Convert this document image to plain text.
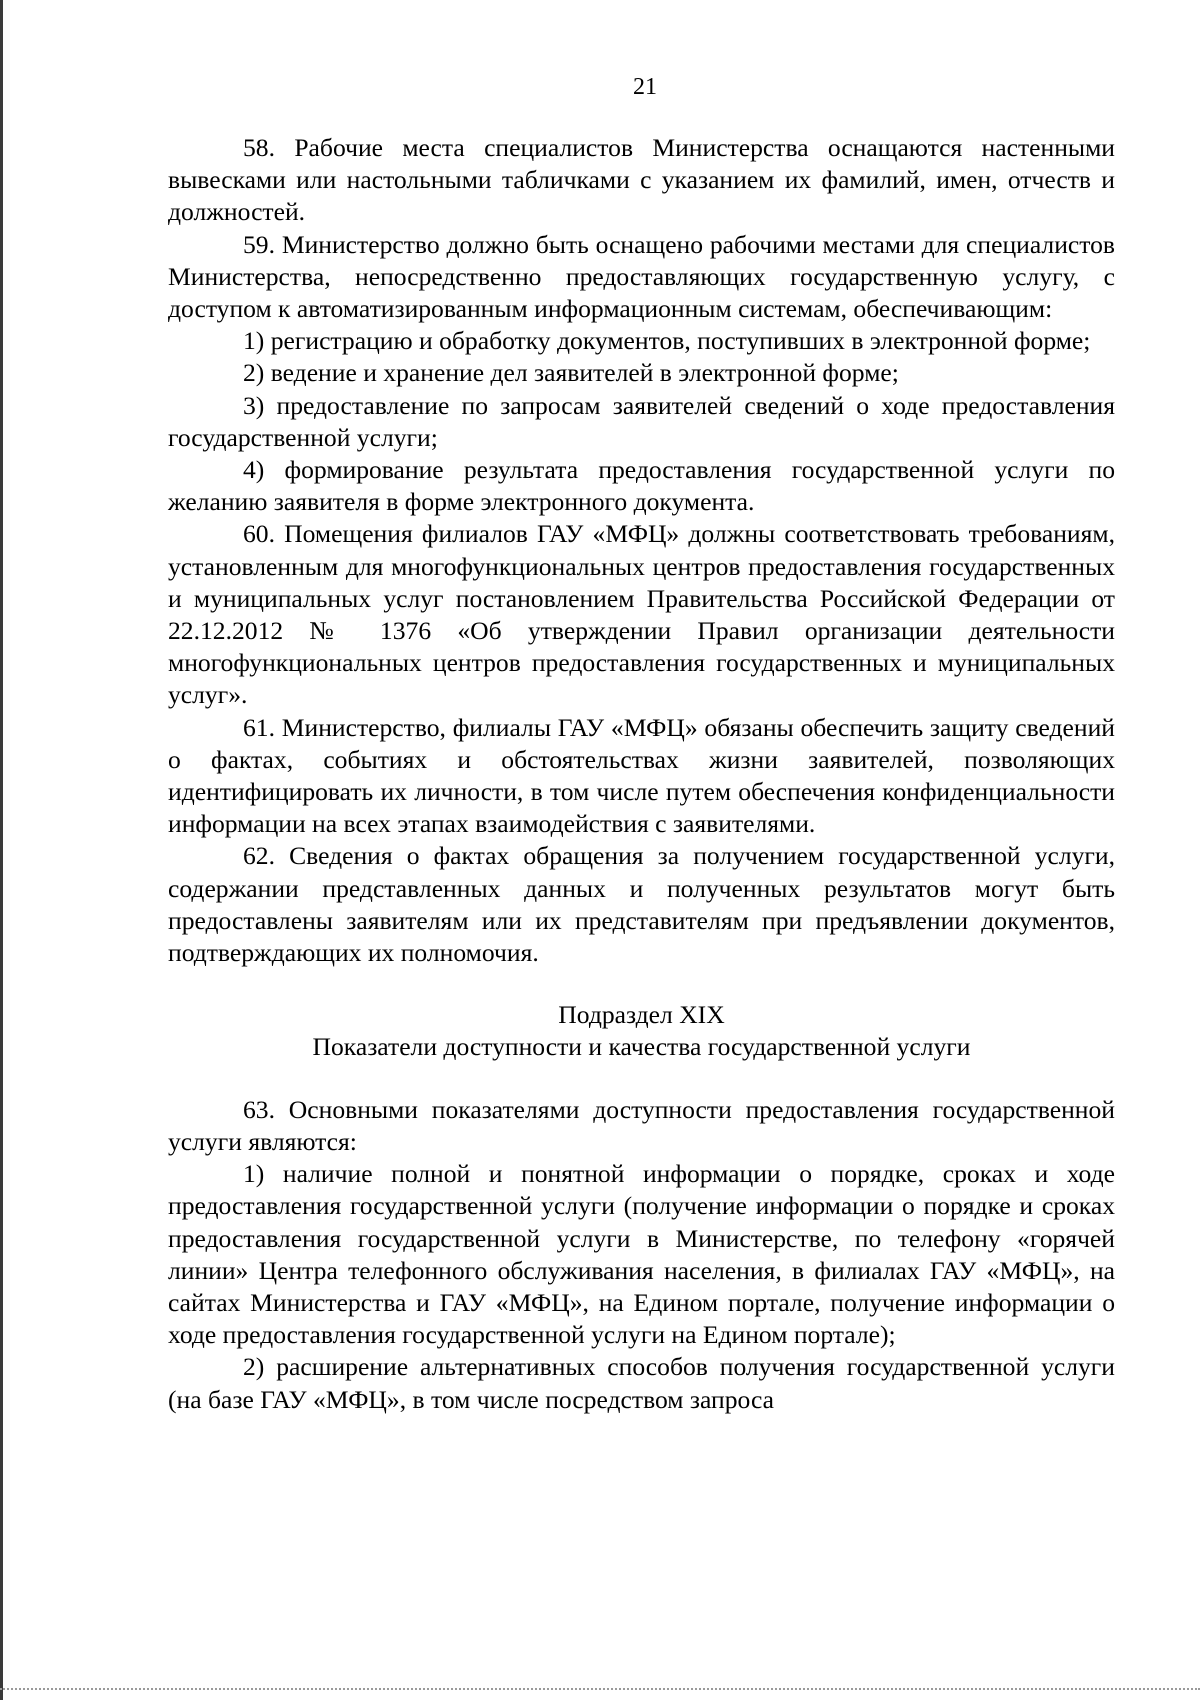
21

58. Рабочие места специалистов Министерства оснащаются настенными вывесками или настольными табличками с указанием их фамилий, имен, отчеств и должностей.

59. Министерство должно быть оснащено рабочими местами для специалистов Министерства, непосредственно предоставляющих государственную услугу, с доступом к автоматизированным информационным системам, обеспечивающим:

1) регистрацию и обработку документов, поступивших в электронной форме;

2) ведение и хранение дел заявителей в электронной форме;

3) предоставление по запросам заявителей сведений о ходе предоставления государственной услуги;

4) формирование результата предоставления государственной услуги по желанию заявителя в форме электронного документа.

60. Помещения филиалов ГАУ «МФЦ» должны соответствовать требованиям, установленным для многофункциональных центров предоставления государственных и муниципальных услуг постановлением Правительства Российской Федерации от 22.12.2012 № 1376 «Об утверждении Правил организации деятельности многофункциональных центров предоставления государственных и муниципальных услуг».

61. Министерство, филиалы ГАУ «МФЦ» обязаны обеспечить защиту сведений о фактах, событиях и обстоятельствах жизни заявителей, позволяющих идентифицировать их личности, в том числе путем обеспечения конфиденциальности информации на всех этапах взаимодействия с заявителями.

62. Сведения о фактах обращения за получением государственной услуги, содержании представленных данных и полученных результатов могут быть предоставлены заявителям или их представителям при предъявлении документов, подтверждающих их полномочия.

Подраздел XIX

Показатели доступности и качества государственной услуги

63. Основными показателями доступности предоставления государственной услуги являются:

1) наличие полной и понятной информации о порядке, сроках и ходе предоставления государственной услуги (получение информации о порядке и сроках предоставления государственной услуги в Министерстве, по телефону «горячей линии» Центра телефонного обслуживания населения, в филиалах ГАУ «МФЦ», на сайтах Министерства и ГАУ «МФЦ», на Едином портале, получение информации о ходе предоставления государственной услуги на Едином портале);

2) расширение альтернативных способов получения государственной услуги (на базе ГАУ «МФЦ», в том числе посредством запроса
